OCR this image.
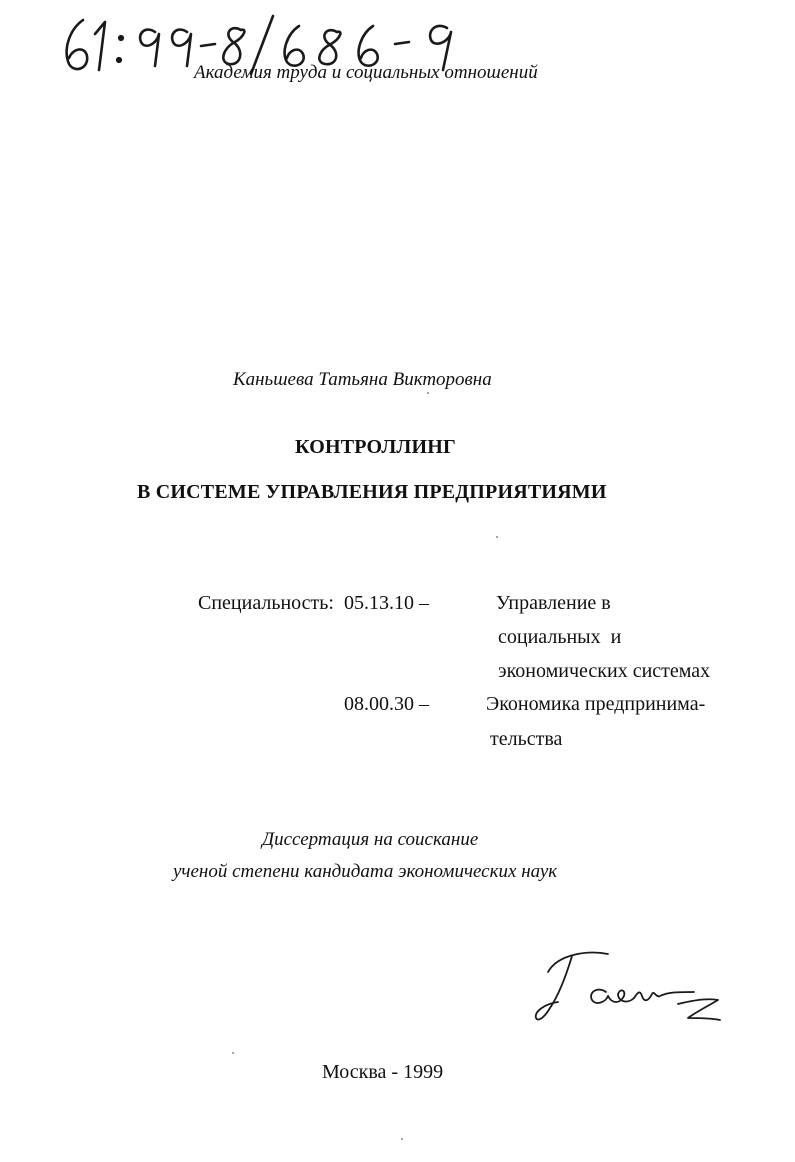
Академия труда и социальных отношений
Каньшева Татьяна Викторовна
КОНТРОЛЛИНГ
В СИСТЕМЕ УПРАВЛЕНИЯ ПРЕДПРИЯТИЯМИ
Специальность: 05.13.10 –	Управление в
социальных  и
экономических системах
08.00.30 –	Экономика предпринима-
тельства
Диссертация на соискание
ученой степени кандидата экономических наук
Москва - 1999
